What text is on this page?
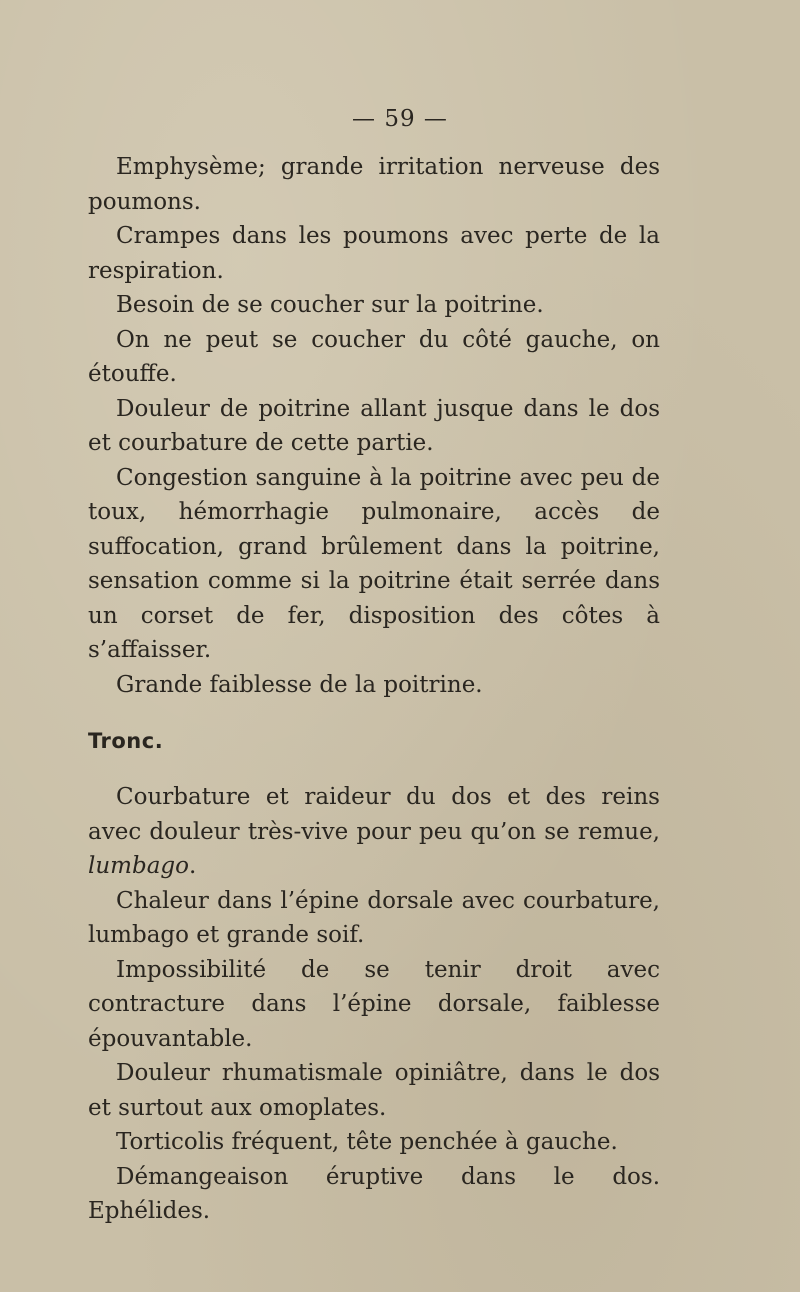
— 59 —

Emphysème; grande irritation nerveuse des poumons.

Crampes dans les poumons avec perte de la respiration.

Besoin de se coucher sur la poitrine.

On ne peut se coucher du côté gauche, on étouffe.

Douleur de poitrine allant jusque dans le dos et courbature de cette partie.

Congestion sanguine à la poitrine avec peu de toux, hémorrhagie pulmonaire, accès de suffocation, grand brûlement dans la poitrine, sensation comme si la poitrine était serrée dans un corset de fer, disposition des côtes à s’affaisser.

Grande faiblesse de la poitrine.

Tronc.

Courbature et raideur du dos et des reins avec douleur très-vive pour peu qu’on se remue, lumbago.

Chaleur dans l’épine dorsale avec courbature, lumbago et grande soif.

Impossibilité de se tenir droit avec contracture dans l’épine dorsale, faiblesse épouvantable.

Douleur rhumatismale opiniâtre, dans le dos et surtout aux omoplates.

Torticolis fréquent, tête penchée à gauche.

Démangeaison éruptive dans le dos. Ephélides.
